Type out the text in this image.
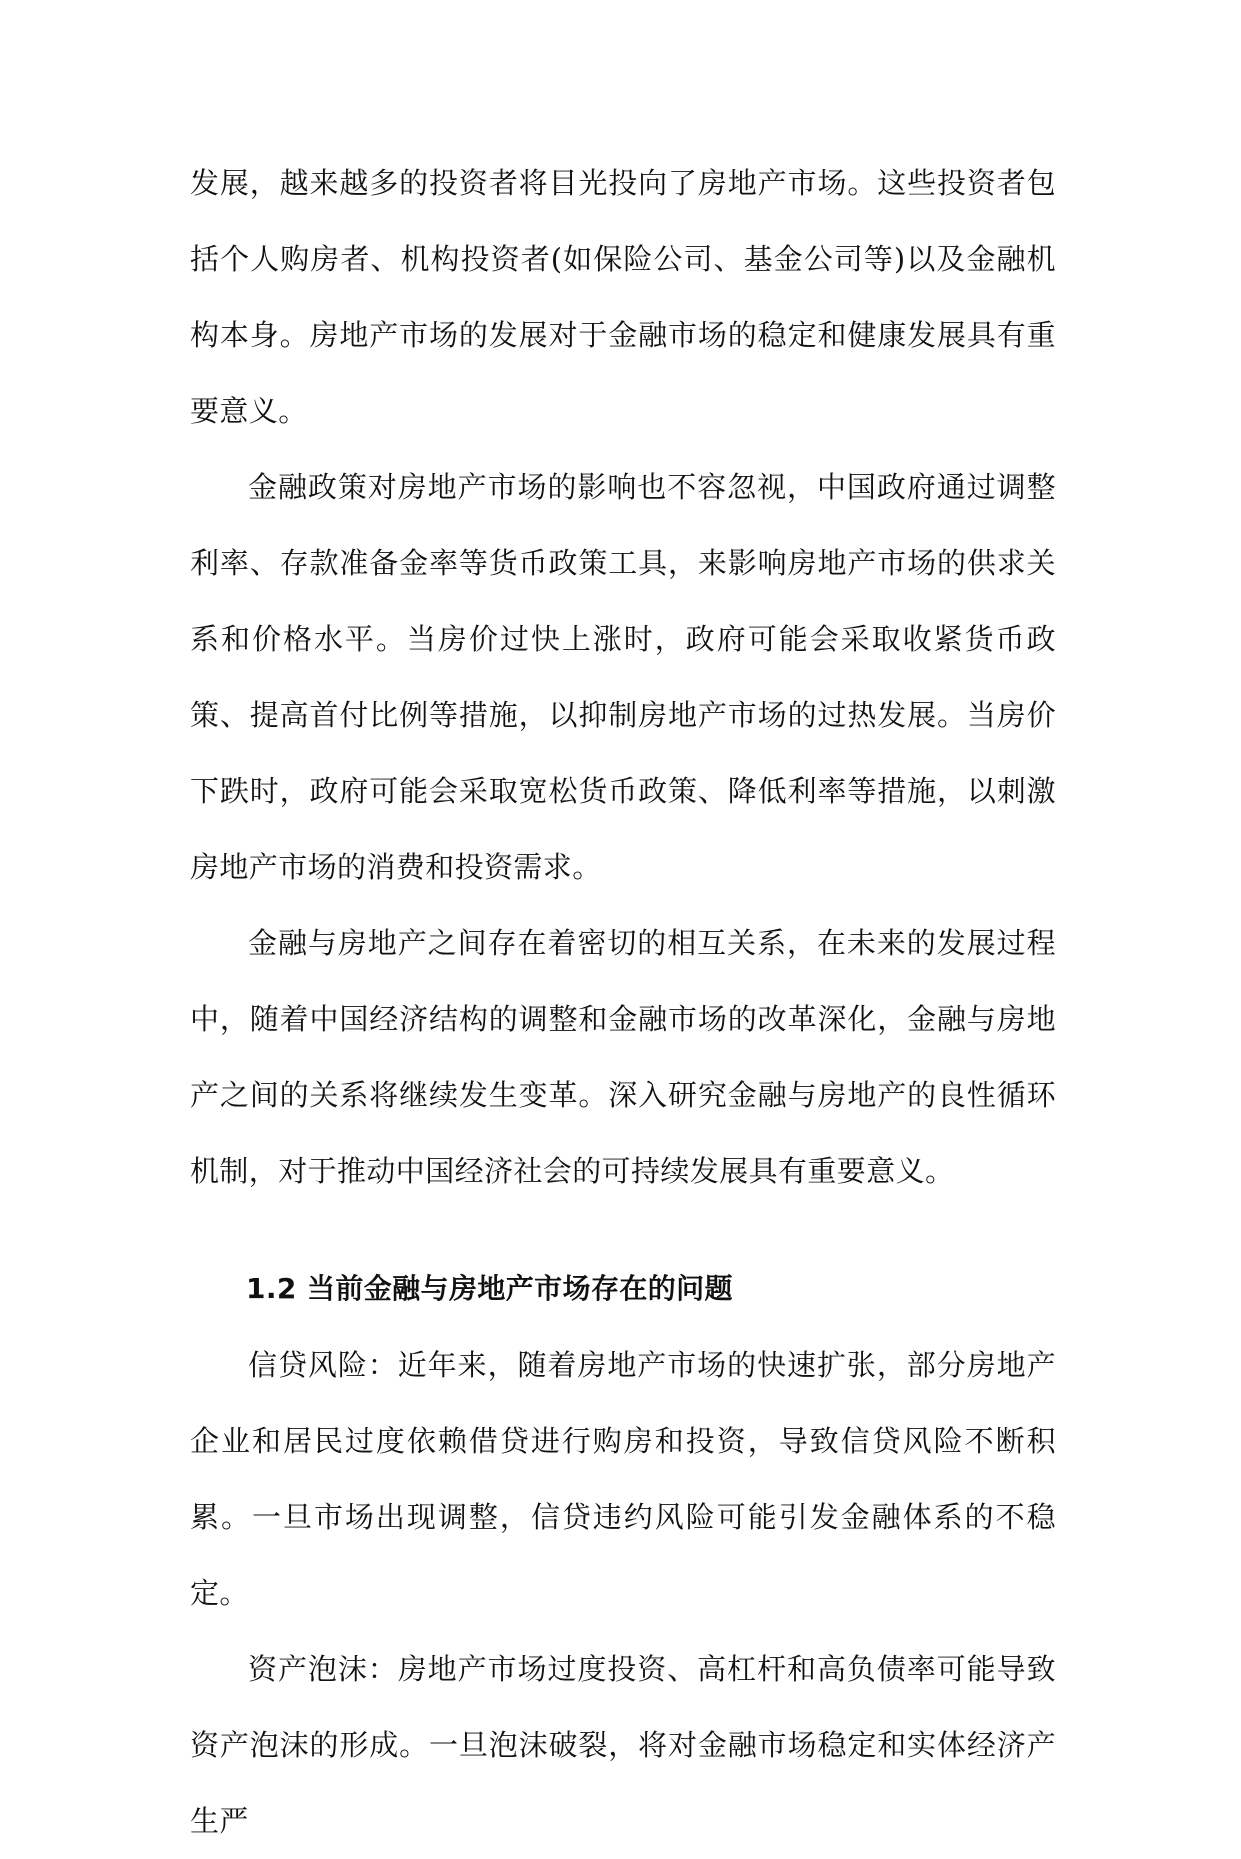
发展，越来越多的投资者将目光投向了房地产市场。这些投资者包括个人购房者、机构投资者(如保险公司、基金公司等)以及金融机构本身。房地产市场的发展对于金融市场的稳定和健康发展具有重要意义。

金融政策对房地产市场的影响也不容忽视，中国政府通过调整利率、存款准备金率等货币政策工具，来影响房地产市场的供求关系和价格水平。当房价过快上涨时，政府可能会采取收紧货币政策、提高首付比例等措施，以抑制房地产市场的过热发展。当房价下跌时，政府可能会采取宽松货币政策、降低利率等措施，以刺激房地产市场的消费和投资需求。

金融与房地产之间存在着密切的相互关系，在未来的发展过程中，随着中国经济结构的调整和金融市场的改革深化，金融与房地产之间的关系将继续发生变革。深入研究金融与房地产的良性循环机制，对于推动中国经济社会的可持续发展具有重要意义。

1.2 当前金融与房地产市场存在的问题

信贷风险：近年来，随着房地产市场的快速扩张，部分房地产企业和居民过度依赖借贷进行购房和投资，导致信贷风险不断积累。一旦市场出现调整，信贷违约风险可能引发金融体系的不稳定。

资产泡沫：房地产市场过度投资、高杠杆和高负债率可能导致资产泡沫的形成。一旦泡沫破裂，将对金融市场稳定和实体经济产生严
